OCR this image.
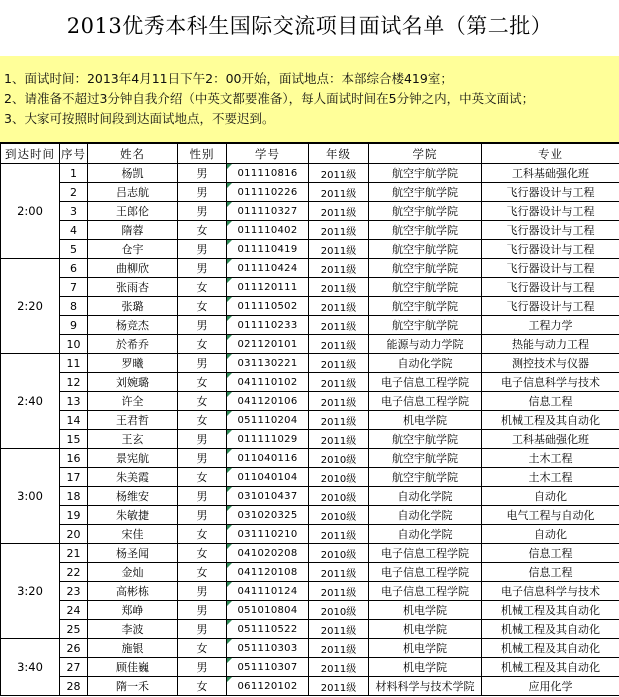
2013优秀本科生国际交流项目面试名单（第二批）
1、面试时间：2013年4月11日下午2：00开始，面试地点：本部综合楼419室；
2、请准备不超过3分钟自我介绍（中英文都要准备），每人面试时间在5分钟之内，中英文面试；
3、大家可按照时间段到达面试地点，不要迟到。
到达时间	序号	姓名	性别	学号	年级	学院	专业
2:00	1	杨凯	男	011110816	2011级	航空宇航学院	工科基础强化班
	2	吕志航	男	011110226	2011级	航空宇航学院	飞行器设计与工程
	3	王郎伦	男	011110327	2011级	航空宇航学院	飞行器设计与工程
	4	隋蓉	女	011110402	2011级	航空宇航学院	飞行器设计与工程
	5	仓宇	男	011110419	2011级	航空宇航学院	飞行器设计与工程
2:20	6	曲柳欣	男	011110424	2011级	航空宇航学院	飞行器设计与工程
	7	张雨杏	女	011120111	2011级	航空宇航学院	飞行器设计与工程
	8	张璐	女	011110502	2011级	航空宇航学院	飞行器设计与工程
	9	杨竞杰	男	011110233	2011级	航空宇航学院	工程力学
	10	於希乔	女	021120101	2011级	能源与动力学院	热能与动力工程
2:40	11	罗曦	男	031130221	2011级	自动化学院	测控技术与仪器
	12	刘婉璐	女	041110102	2011级	电子信息工程学院	电子信息科学与技术
	13	许全	女	041120106	2011级	电子信息工程学院	信息工程
	14	王君哲	女	051110204	2011级	机电学院	机械工程及其自动化
	15	王玄	男	011111029	2011级	航空宇航学院	工科基础强化班
3:00	16	景宪航	男	011040116	2010级	航空宇航学院	土木工程
	17	朱美霞	女	011040104	2010级	航空宇航学院	土木工程
	18	杨维安	男	031010437	2010级	自动化学院	自动化
	19	朱敏捷	男	031020325	2010级	自动化学院	电气工程与自动化
	20	宋佳	女	031110210	2011级	自动化学院	自动化
3:20	21	杨圣闻	女	041020208	2010级	电子信息工程学院	信息工程
	22	金灿	女	041120108	2011级	电子信息工程学院	信息工程
	23	高彬栋	男	041110124	2011级	电子信息工程学院	电子信息科学与技术
	24	郑峥	男	051010804	2010级	机电学院	机械工程及其自动化
	25	李波	男	051110522	2011级	机电学院	机械工程及其自动化
3:40	26	施银	女	051110303	2011级	机电学院	机械工程及其自动化
	27	顾佳巍	男	051110307	2011级	机电学院	机械工程及其自动化
	28	隋一禾	女	061120102	2011级	材料科学与技术学院	应用化学
